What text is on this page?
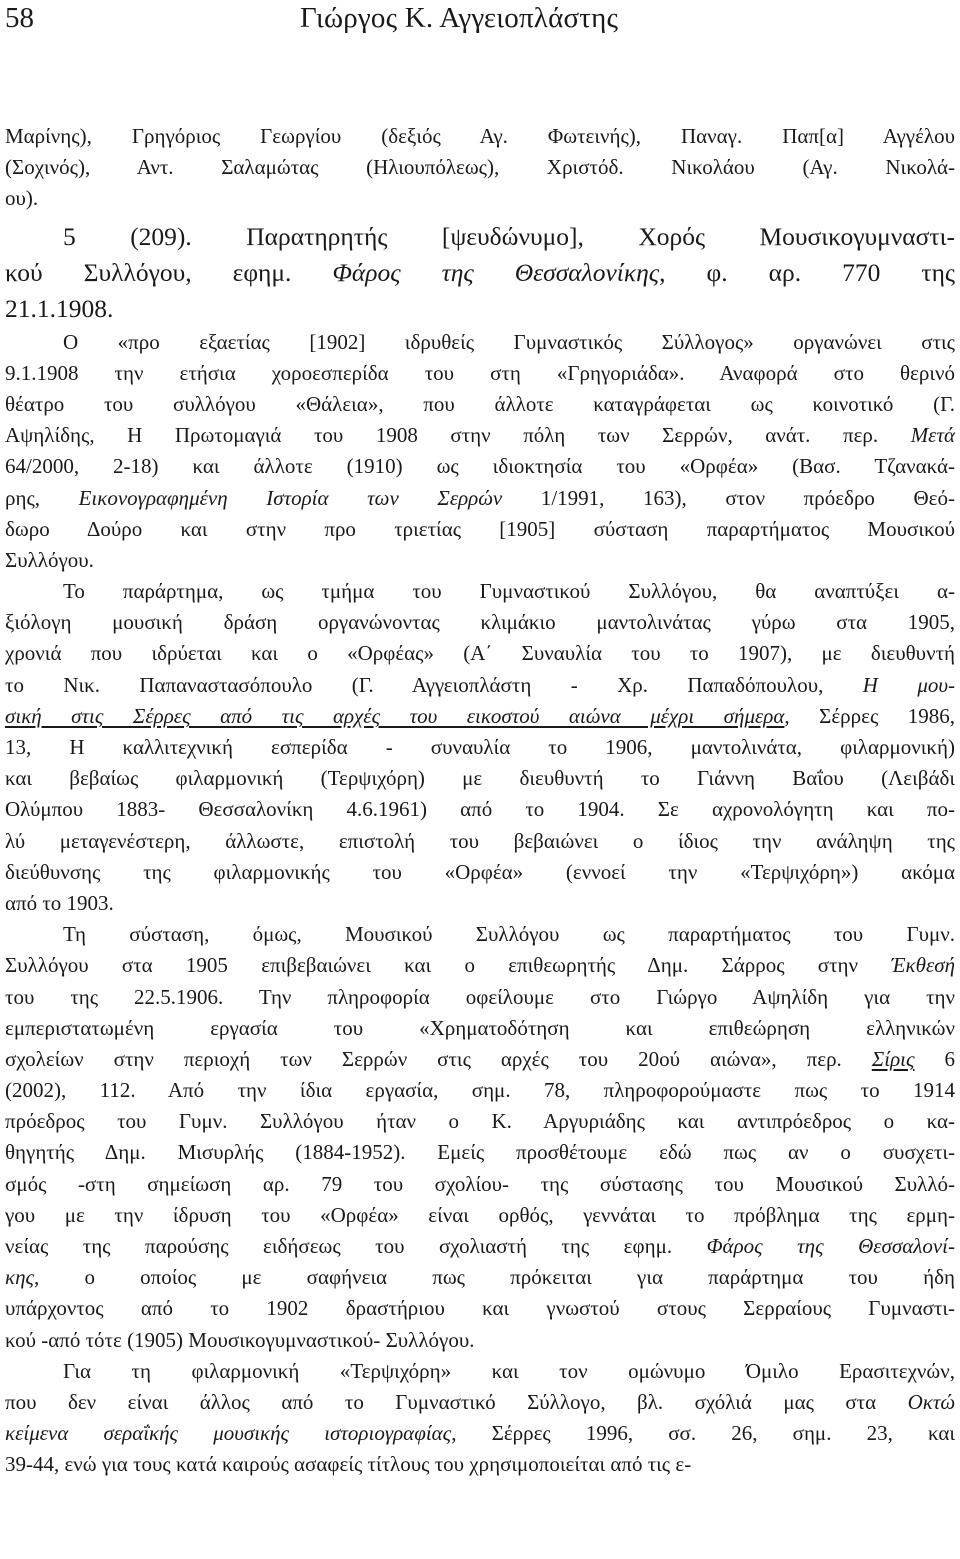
58	Γιώργος Κ. Αγγειοπλάστης
Μαρίνης), Γρηγόριος Γεωργίου (δεξιός Αγ. Φωτεινής), Παναγ. Παπ[α] Αγγέλου
(Σοχινός), Αντ. Σαλαμώτας (Ηλιουπόλεως), Χριστόδ. Νικολάου (Αγ. Νικολά-
ου).
5 (209). Παρατηρητής [ψευδώνυμο], Χορός Μουσικογυμναστι-
κού Συλλόγου, εφημ. Φάρος της Θεσσαλονίκης, φ. αρ. 770 της
21.1.1908.
Ο «προ εξαετίας [1902] ιδρυθείς Γυμναστικός Σύλλογος» οργανώνει στις
9.1.1908 την ετήσια χοροεσπερίδα του στη «Γρηγοριάδα». Αναφορά στο θερινό
θέατρο του συλλόγου «Θάλεια», που άλλοτε καταγράφεται ως κοινοτικό (Γ.
Αψηλίδης, Η Πρωτομαγιά του 1908 στην πόλη των Σερρών, ανάτ. περ. Μετά
64/2000, 2-18) και άλλοτε (1910) ως ιδιοκτησία του «Ορφέα» (Βασ. Τζανακά-
ρης, Εικονογραφημένη Ιστορία των Σερρών 1/1991, 163), στον πρόεδρο Θεό-
δωρο Δούρο και στην προ τριετίας [1905] σύσταση παραρτήματος Μουσικού
Συλλόγου.
Το παράρτημα, ως τμήμα του Γυμναστικού Συλλόγου, θα αναπτύξει α-
ξιόλογη μουσική δράση οργανώνοντας κλιμάκιο μαντολινάτας γύρω στα 1905,
χρονιά που ιδρύεται και ο «Ορφέας» (Α΄ Συναυλία του το 1907), με διευθυντή
το Νικ. Παπαναστασόπουλο (Γ. Αγγειοπλάστη - Χρ. Παπαδόπουλου, Η μου-
σική στις Σέρρες από τις αρχές του εικοστού αιώνα μέχρι σήμερα, Σέρρες 1986,
13, Η καλλιτεχνική εσπερίδα - συναυλία το 1906, μαντολινάτα, φιλαρμονική)
και βεβαίως φιλαρμονική (Τερψιχόρη) με διευθυντή το Γιάννη Βαΐου (Λειβάδι
Ολύμπου 1883- Θεσσαλονίκη 4.6.1961) από το 1904. Σε αχρονολόγητη και πο-
λύ μεταγενέστερη, άλλωστε, επιστολή του βεβαιώνει ο ίδιος την ανάληψη της
διεύθυνσης της φιλαρμονικής του «Ορφέα» (εννοεί την «Τερψιχόρη») ακόμα
από το 1903.
Τη σύσταση, όμως, Μουσικού Συλλόγου ως παραρτήματος του Γυμν.
Συλλόγου στα 1905 επιβεβαιώνει και ο επιθεωρητής Δημ. Σάρρος στην Έκθεσή
του της 22.5.1906. Την πληροφορία οφείλουμε στο Γιώργο Αψηλίδη για την
εμπεριστατωμένη εργασία του «Χρηματοδότηση και επιθεώρηση ελληνικών
σχολείων στην περιοχή των Σερρών στις αρχές του 20ού αιώνα», περ. Σίρις 6
(2002), 112. Από την ίδια εργασία, σημ. 78, πληροφορούμαστε πως το 1914
πρόεδρος του Γυμν. Συλλόγου ήταν ο Κ. Αργυριάδης και αντιπρόεδρος ο κα-
θηγητής Δημ. Μισυρλής (1884-1952). Εμείς προσθέτουμε εδώ πως αν ο συσχετι-
σμός -στη σημείωση αρ. 79 του σχολίου- της σύστασης του Μουσικού Συλλό-
γου με την ίδρυση του «Ορφέα» είναι ορθός, γεννάται το πρόβλημα της ερμη-
νείας της παρούσης ειδήσεως του σχολιαστή της εφημ. Φάρος της Θεσσαλονί-
κης, ο οποίος με σαφήνεια πως πρόκειται για παράρτημα του ήδη
υπάρχοντος από το 1902 δραστήριου και γνωστού στους Σερραίους Γυμναστι-
κού -από τότε (1905) Μουσικογυμναστικού- Συλλόγου.
Για τη φιλαρμονική «Τερψιχόρη» και τον ομώνυμο Όμιλο Ερασιτεχνών,
που δεν είναι άλλος από το Γυμναστικό Σύλλογο, βλ. σχόλιά μας στα Οκτώ
κείμενα σεραΐκής μουσικής ιστοριογραφίας, Σέρρες 1996, σσ. 26, σημ. 23, και
39-44, ενώ για τους κατά καιρούς ασαφείς τίτλους του χρησιμοποιείται από τις ε-
